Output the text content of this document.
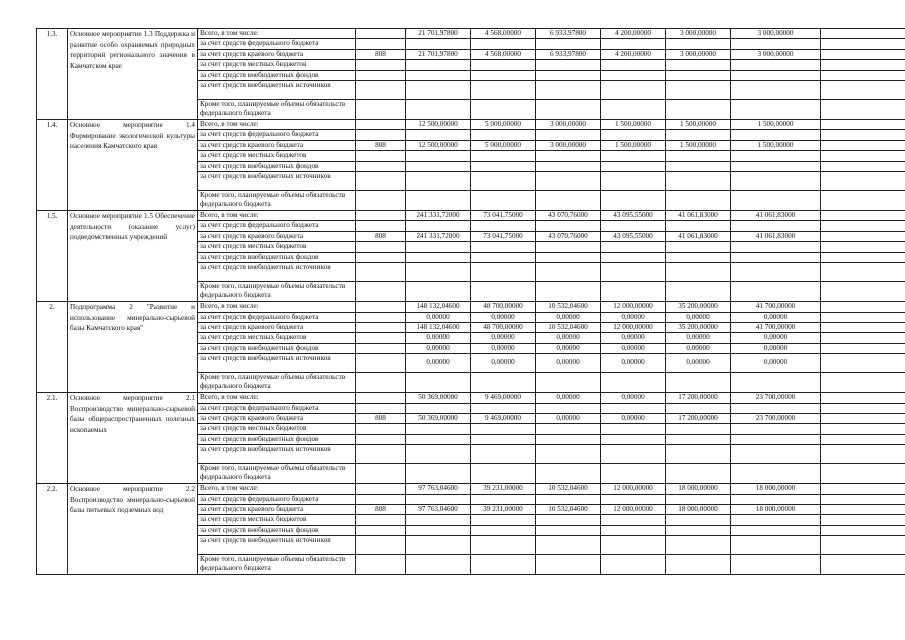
1.3.	Основное мероприятие 1.3 Поддержка и развитие особо охраняемых природных территорий регионального значения в Камчатском крае	Всего, в том числе:		21 701,97800	4 568,00000	6 933,97800	4 200,00000	3 000,00000	3 000,00000	
		за счет средств федерального бюджета								
		за счет средств краевого бюджета	808	21 701,97800	4 568,00000	6 933,97800	4 200,00000	3 000,00000	3 000,00000	
		за счет средств местных бюджетов								
		за счет средств внебюджетных фондов								
		за счет средств внебюджетных источников								
		Кроме того, планируемые объемы обязательств федерального бюджета								
1.4.	Основное мероприятие 1.4 Формирование экологической культуры населения Камчатского края	Всего, в том числе:		12 500,00000	5 000,00000	3 000,00000	1 500,00000	1 500,00000	1 500,00000	
		за счет средств федерального бюджета								
		за счет средств краевого бюджета	808	12 500,00000	5 000,00000	3 000,00000	1 500,00000	1 500,00000	1 500,00000	
		за счет средств местных бюджетов								
		за счет средств внебюджетных фондов								
		за счет средств внебюджетных источников								
		Кроме того, планируемые объемы обязательств федерального бюджета								
1.5.	Основное мероприятие 1.5 Обеспечение деятельности (оказание услуг) подведомственных учреждений	Всего, в том числе:		241 331,72000	73 041,75000	43 070,76000	43 095,55000	41 061,83000	41 061,83000	
		за счет средств федерального бюджета								
		за счет средств краевого бюджета	808	241 331,72000	73 041,75000	43 070,76000	43 095,55000	41 061,83000	41 061,83000	
		за счет средств местных бюджетов								
		за счет средств внебюджетных фондов								
		за счет средств внебюджетных источников								
		Кроме того, планируемые объемы обязательств федерального бюджета								
2.	Подпрограмма 2 "Развитие и использование минерально-сырьевой базы Камчатского края"	Всего, в том числе:		148 132,04600	48 700,00000	10 532,04600	12 000,00000	35 200,00000	41 700,00000	
		за счет средств федерального бюджета		0,00000	0,00000	0,00000	0,00000	0,00000	0,00000	
		за счет средств краевого бюджета		148 132,04600	48 700,00000	10 532,04600	12 000,00000	35 200,00000	41 700,00000	
		за счет средств местных бюджетов		0,00000	0,00000	0,00000	0,00000	0,00000	0,00000	
		за счет средств внебюджетных фондов		0,00000	0,00000	0,00000	0,00000	0,00000	0,00000	
		за счет средств внебюджетных источников		0,00000	0,00000	0,00000	0,00000	0,00000	0,00000	
		Кроме того, планируемые объемы обязательств федерального бюджета								
2.1.	Основное мероприятие 2.1 Воспроизводство минерально-сырьевой базы общераспространенных полезных ископаемых	Всего, в том числе:		50 369,00000	9 469,00000	0,00000	0,00000	17 200,00000	23 700,00000	
		за счет средств федерального бюджета								
		за счет средств краевого бюджета	808	50 369,00000	9 469,00000	0,00000	0,00000	17 200,00000	23 700,00000	
		за счет средств местных бюджетов								
		за счет средств внебюджетных фондов								
		за счет средств внебюджетных источников								
		Кроме того, планируемые объемы обязательств федерального бюджета								
2.2.	Основное мероприятие 2.2 Воспроизводство минерально-сырьевой базы питьевых подземных вод	Всего, в том числе:		97 763,04600	39 231,00000	10 532,04600	12 000,00000	18 000,00000	18 000,00000	
		за счет средств федерального бюджета								
		за счет средств краевого бюджета	808	97 763,04600	39 231,00000	10 532,04600	12 000,00000	18 000,00000	18 000,00000	
		за счет средств местных бюджетов								
		за счет средств внебюджетных фондов								
		за счет средств внебюджетных источников								
		Кроме того, планируемые объемы обязательств федерального бюджета								
